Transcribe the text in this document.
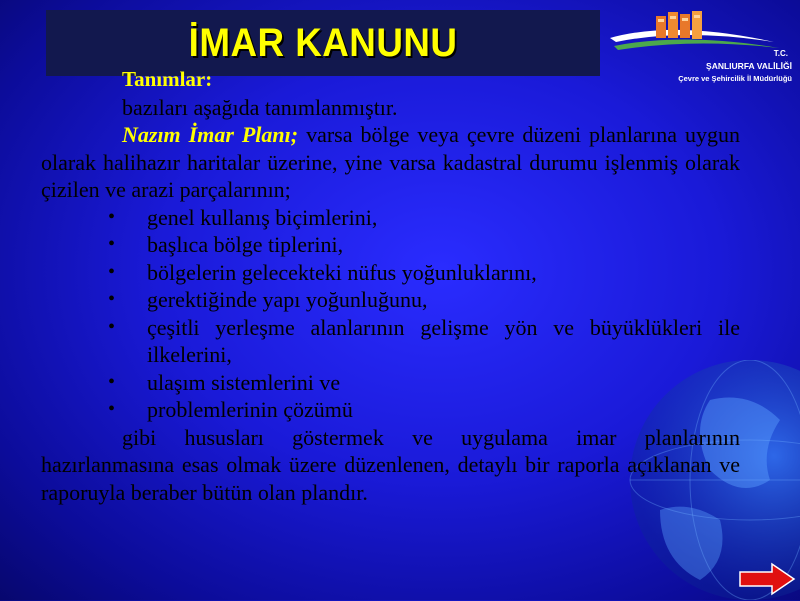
İMAR KANUNU	T.C.
ŞANLIURFA VALİLİĞİ
Çevre ve Şehircilik İl Müdürlüğü

Tanımlar:

bazıları aşağıda tanımlanmıştır.

Nazım İmar Planı; varsa bölge veya çevre düzeni planlarına uygun olarak halihazır haritalar üzerine, yine varsa kadastral durumu işlenmiş olarak çizilen ve arazi parçalarının;

• genel kullanış biçimlerini,
• başlıca bölge tiplerini,
• bölgelerin gelecekteki nüfus yoğunluklarını,
• gerektiğinde yapı yoğunluğunu,
• çeşitli yerleşme alanlarının gelişme yön ve büyüklükleri ile ilkelerini,
• ulaşım sistemlerini ve
• problemlerinin çözümü

gibi hususları göstermek ve uygulama imar planlarının hazırlanmasına esas olmak üzere düzenlenen, detaylı bir raporla açıklanan ve raporuyla beraber bütün olan plandır.
